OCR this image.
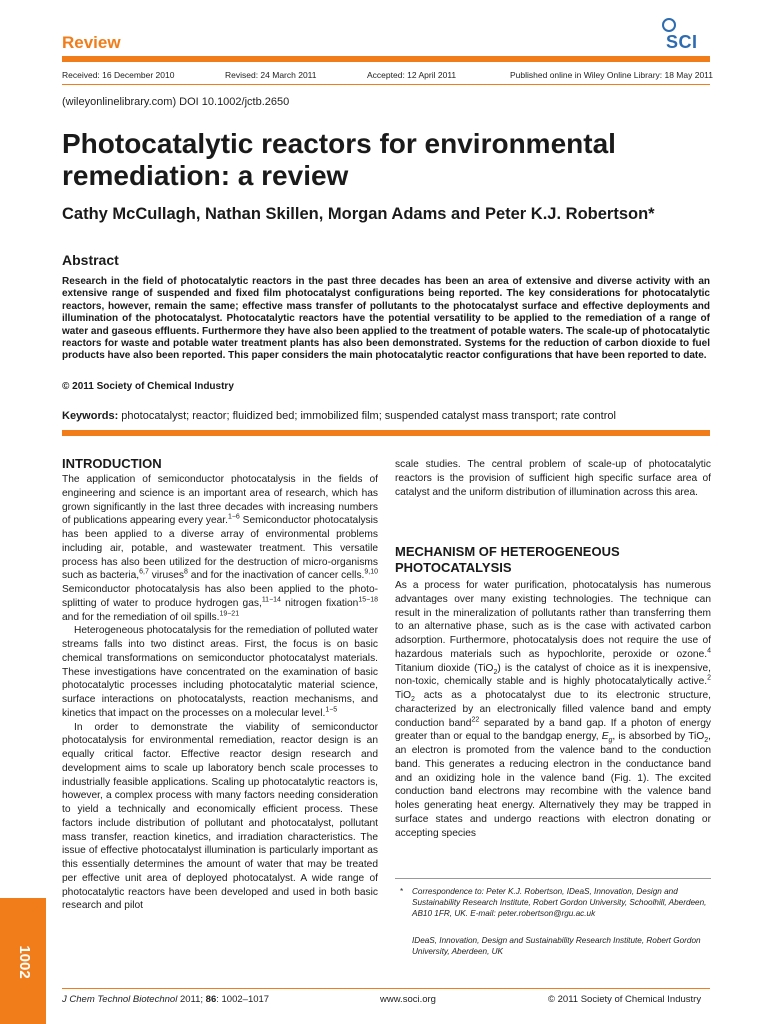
Review	SCI
Received: 16 December 2010	Revised: 24 March 2011	Accepted: 12 April 2011	Published online in Wiley Online Library: 18 May 2011
(wileyonlinelibrary.com) DOI 10.1002/jctb.2650
Photocatalytic reactors for environmental
remediation: a review
Cathy McCullagh, Nathan Skillen, Morgan Adams and Peter K.J. Robertson*
Abstract
Research in the field of photocatalytic reactors in the past three decades has been an area of extensive and diverse activity with an extensive range of suspended and fixed film photocatalyst configurations being reported. The key considerations for photocatalytic reactors, however, remain the same; effective mass transfer of pollutants to the photocatalyst surface and effective deployments and illumination of the photocatalyst. Photocatalytic reactors have the potential versatility to be applied to the remediation of a range of water and gaseous effluents. Furthermore they have also been applied to the treatment of potable waters. The scale-up of photocatalytic reactors for waste and potable water treatment plants has also been demonstrated. Systems for the reduction of carbon dioxide to fuel products have also been reported. This paper considers the main photocatalytic reactor configurations that have been reported to date.
© 2011 Society of Chemical Industry
Keywords: photocatalyst; reactor; fluidized bed; immobilized film; suspended catalyst mass transport; rate control
INTRODUCTION

The application of semiconductor photocatalysis in the fields of engineering and science is an important area of research, which has grown significantly in the last three decades with increasing numbers of publications appearing every year.$^{1-6}$ Semiconductor photocatalysis has been applied to a diverse array of environmental problems including air, potable, and wastewater treatment. This versatile process has also been utilized for the destruction of micro-organisms such as bacteria,$^{6,7}$ viruses$^8$ and for the inactivation of cancer cells.$^{9,10}$ Semiconductor photocatalysis has also been applied to the photo-splitting of water to produce hydrogen gas,$^{11-14}$ nitrogen fixation$^{15-18}$ and for the remediation of oil spills.$^{19-21}$

Heterogeneous photocatalysis for the remediation of polluted water streams falls into two distinct areas. First, the focus is on basic chemical transformations on semiconductor photocatalyst materials. These investigations have concentrated on the examination of basic photocatalytic processes including photocatalytic material science, surface interactions on photocatalysts, reaction mechanisms, and kinetics that impact on the processes on a molecular level.$^{1-5}$

In order to demonstrate the viability of semiconductor photocatalysis for environmental remediation, reactor design is an equally critical factor. Effective reactor design research and development aims to scale up laboratory bench scale processes to industrially feasible applications. Scaling up photocatalytic reactors is, however, a complex process with many factors needing consideration to yield a technically and economically efficient process. These factors include distribution of pollutant and photocatalyst, pollutant mass transfer, reaction kinetics, and irradiation characteristics. The issue of effective photocatalyst illumination is particularly important as this essentially determines the amount of water that may be treated per effective unit area of deployed photocatalyst. A wide range of photocatalytic reactors have been developed and used in both basic research and pilot

scale studies. The central problem of scale-up of photocatalytic reactors is the provision of sufficient high specific surface area of catalyst and the uniform distribution of illumination across this area.

MECHANISM OF HETEROGENEOUS
PHOTOCATALYSIS

As a process for water purification, photocatalysis has numerous advantages over many existing technologies. The technique can result in the mineralization of pollutants rather than transferring them to an alternative phase, such as is the case with activated carbon adsorption. Furthermore, photocatalysis does not require the use of hazardous materials such as hypochlorite, peroxide or ozone.$^4$ Titanium dioxide (TiO$_2$) is the catalyst of choice as it is inexpensive, non-toxic, chemically stable and is highly photocatalytically active.$^2$ TiO$_2$ acts as a photocatalyst due to its electronic structure, characterized by an electronically filled valence band and empty conduction band$^{22}$ separated by a band gap. If a photon of energy greater than or equal to the bandgap energy, $E_g$, is absorbed by TiO$_2$, an electron is promoted from the valence band to the conduction band. This generates a reducing electron in the conductance band and an oxidizing hole in the valence band (Fig. 1). The excited conduction band electrons may recombine with the valence band holes generating heat energy. Alternatively they may be trapped in surface states and undergo reactions with electron donating or accepting species

* Correspondence to: Peter K.J. Robertson, IDeaS, Innovation, Design and Sustainability Research Institute, Robert Gordon University, Schoolhill, Aberdeen, AB10 1FR, UK. E-mail: peter.robertson@rgu.ac.uk
IDeaS, Innovation, Design and Sustainability Research Institute, Robert Gordon University, Aberdeen, UK
1002
J Chem Technol Biotechnol 2011; 86: 1002–1017	www.soci.org	© 2011 Society of Chemical Industry
